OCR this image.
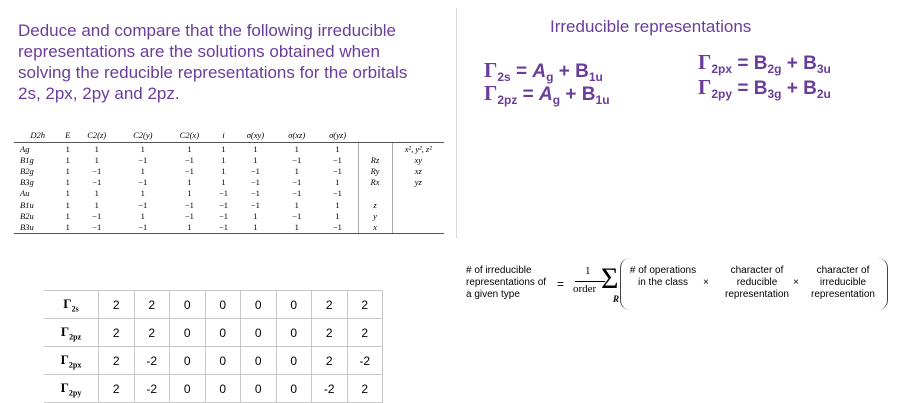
Deduce and compare that the following irreducible representations are the solutions obtained when solving the reducible representations for the orbitals 2s, 2px, 2py and 2pz.
Irreducible representations
$\Gamma_{2s} = A_g + B_{1u}$
$\Gamma_{2pz} = A_g + B_{1u}$
$\Gamma_{2px} = B_{2g} + B_{3u}$
$\Gamma_{2py} = B_{3g} + B_{2u}$
D2h	E	C2(z)	C2(y)	C2(x)	i	σ(xy)	σ(xz)	σ(yz)		
Ag	1	1	1	1	1	1	1	1		x², y², z²
B1g	1	1	−1	−1	1	1	−1	−1	Rz	xy
B2g	1	−1	1	−1	1	−1	1	−1	Ry	xz
B3g	1	−1	−1	1	1	−1	−1	1	Rx	yz
Au	1	1	1	1	−1	−1	−1	−1		
B1u	1	1	−1	−1	−1	−1	1	1	z	
B2u	1	−1	1	−1	−1	1	−1	1	y	
B3u	1	−1	−1	1	−1	1	1	−1	x	
$\Gamma_{2s}$	2	2	0	0	0	0	2	2
$\Gamma_{2pz}$	2	2	0	0	0	0	2	2
$\Gamma_{2px}$	2	-2	0	0	0	0	2	-2
$\Gamma_{2py}$	2	-2	0	0	0	0	-2	2
# of irreducible representations of a given type
=
1
order Σ
R
# of operations in the class	×
character of reducible representation
×
character of irreducible representation
